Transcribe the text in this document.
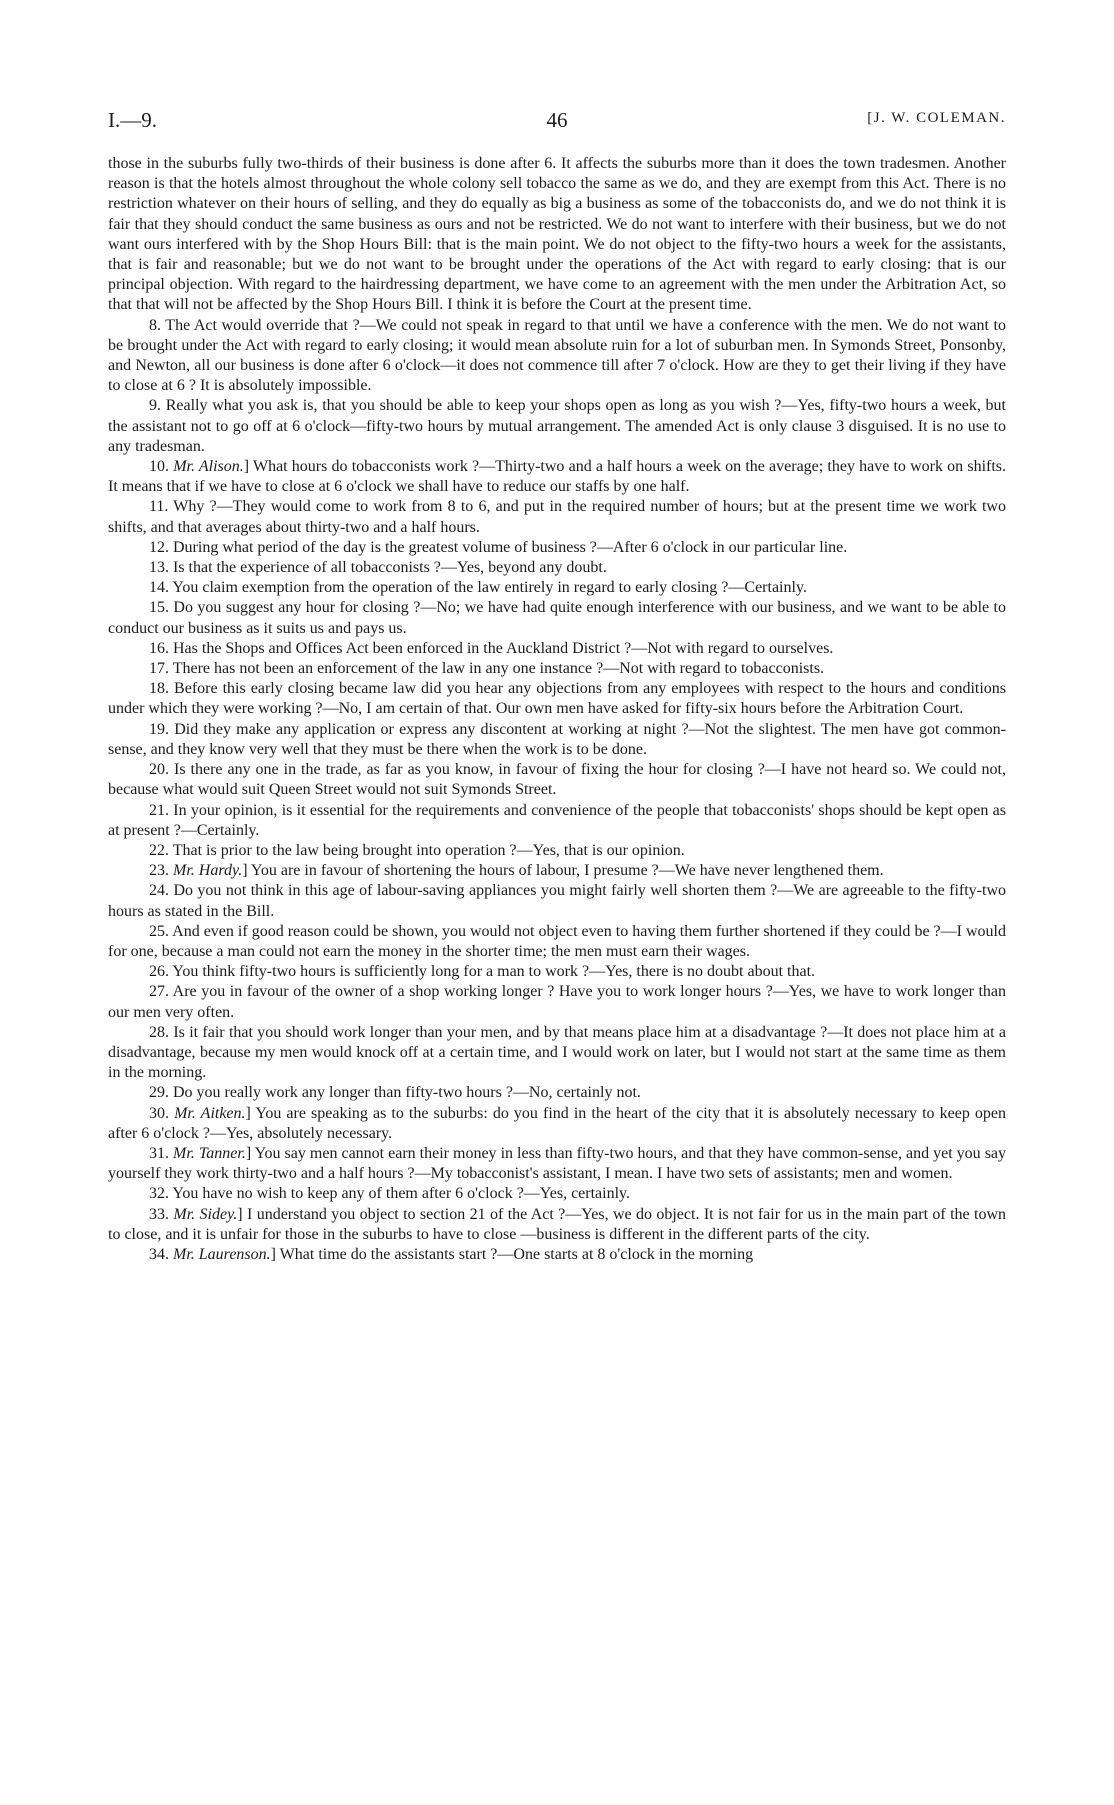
I.—9.	46	[J. W. COLEMAN.

those in the suburbs fully two-thirds of their business is done after 6. It affects the suburbs more than it does the town tradesmen. Another reason is that the hotels almost throughout the whole colony sell tobacco the same as we do, and they are exempt from this Act. There is no restriction whatever on their hours of selling, and they do equally as big a business as some of the tobacconists do, and we do not think it is fair that they should conduct the same business as ours and not be restricted. We do not want to interfere with their business, but we do not want ours interfered with by the Shop Hours Bill: that is the main point. We do not object to the fifty-two hours a week for the assistants, that is fair and reasonable; but we do not want to be brought under the operations of the Act with regard to early closing: that is our principal objection. With regard to the hairdressing department, we have come to an agreement with the men under the Arbitration Act, so that that will not be affected by the Shop Hours Bill. I think it is before the Court at the present time.

8. The Act would override that ?—We could not speak in regard to that until we have a conference with the men. We do not want to be brought under the Act with regard to early closing; it would mean absolute ruin for a lot of suburban men. In Symonds Street, Ponsonby, and Newton, all our business is done after 6 o'clock—it does not commence till after 7 o'clock. How are they to get their living if they have to close at 6 ? It is absolutely impossible.

9. Really what you ask is, that you should be able to keep your shops open as long as you wish ?—Yes, fifty-two hours a week, but the assistant not to go off at 6 o'clock—fifty-two hours by mutual arrangement. The amended Act is only clause 3 disguised. It is no use to any tradesman.

10. Mr. Alison.] What hours do tobacconists work ?—Thirty-two and a half hours a week on the average; they have to work on shifts. It means that if we have to close at 6 o'clock we shall have to reduce our staffs by one half.

11. Why ?—They would come to work from 8 to 6, and put in the required number of hours; but at the present time we work two shifts, and that averages about thirty-two and a half hours.

12. During what period of the day is the greatest volume of business ?—After 6 o'clock in our particular line.

13. Is that the experience of all tobacconists ?—Yes, beyond any doubt.

14. You claim exemption from the operation of the law entirely in regard to early closing ?—Certainly.

15. Do you suggest any hour for closing ?—No; we have had quite enough interference with our business, and we want to be able to conduct our business as it suits us and pays us.

16. Has the Shops and Offices Act been enforced in the Auckland District ?—Not with regard to ourselves.

17. There has not been an enforcement of the law in any one instance ?—Not with regard to tobacconists.

18. Before this early closing became law did you hear any objections from any employees with respect to the hours and conditions under which they were working ?—No, I am certain of that. Our own men have asked for fifty-six hours before the Arbitration Court.

19. Did they make any application or express any discontent at working at night ?—Not the slightest. The men have got common-sense, and they know very well that they must be there when the work is to be done.

20. Is there any one in the trade, as far as you know, in favour of fixing the hour for closing ?—I have not heard so. We could not, because what would suit Queen Street would not suit Symonds Street.

21. In your opinion, is it essential for the requirements and convenience of the people that tobacconists' shops should be kept open as at present ?—Certainly.

22. That is prior to the law being brought into operation ?—Yes, that is our opinion.

23. Mr. Hardy.] You are in favour of shortening the hours of labour, I presume ?—We have never lengthened them.

24. Do you not think in this age of labour-saving appliances you might fairly well shorten them ?—We are agreeable to the fifty-two hours as stated in the Bill.

25. And even if good reason could be shown, you would not object even to having them further shortened if they could be ?—I would for one, because a man could not earn the money in the shorter time; the men must earn their wages.

26. You think fifty-two hours is sufficiently long for a man to work ?—Yes, there is no doubt about that.

27. Are you in favour of the owner of a shop working longer ? Have you to work longer hours ?—Yes, we have to work longer than our men very often.

28. Is it fair that you should work longer than your men, and by that means place him at a disadvantage ?—It does not place him at a disadvantage, because my men would knock off at a certain time, and I would work on later, but I would not start at the same time as them in the morning.

29. Do you really work any longer than fifty-two hours ?—No, certainly not.

30. Mr. Aitken.] You are speaking as to the suburbs: do you find in the heart of the city that it is absolutely necessary to keep open after 6 o'clock ?—Yes, absolutely necessary.

31. Mr. Tanner.] You say men cannot earn their money in less than fifty-two hours, and that they have common-sense, and yet you say yourself they work thirty-two and a half hours ?—My tobacconist's assistant, I mean. I have two sets of assistants; men and women.

32. You have no wish to keep any of them after 6 o'clock ?—Yes, certainly.

33. Mr. Sidey.] I understand you object to section 21 of the Act ?—Yes, we do object. It is not fair for us in the main part of the town to close, and it is unfair for those in the suburbs to have to close —business is different in the different parts of the city.

34. Mr. Laurenson.] What time do the assistants start ?—One starts at 8 o'clock in the morning
